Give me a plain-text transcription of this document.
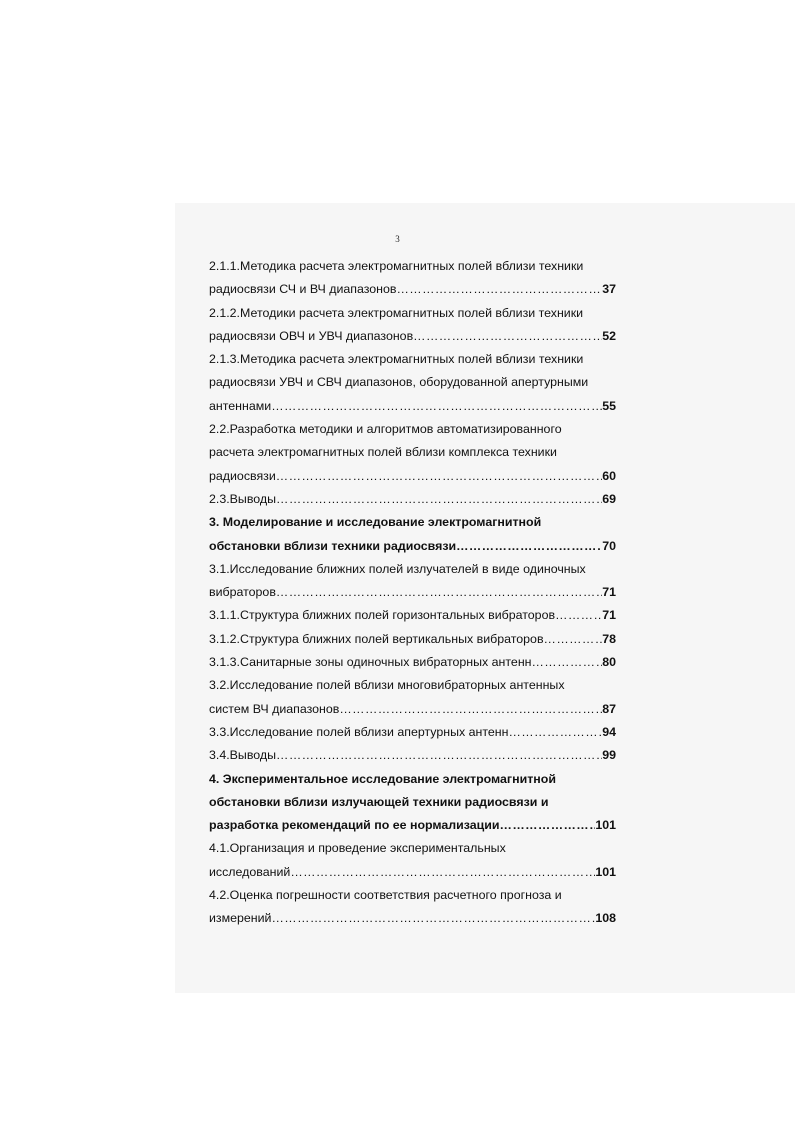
3
2.1.1.Методика расчета электромагнитных полей вблизи техники
радиосвязи СЧ и ВЧ диапазонов ……………………………………………………………………………………………………………………………………………………………	37
2.1.2.Методики расчета электромагнитных полей вблизи техники
радиосвязи ОВЧ и УВЧ диапазонов ……………………………………………………………………………………………………………………………………………………………	52
2.1.3.Методика расчета электромагнитных полей вблизи техники
радиосвязи УВЧ и СВЧ диапазонов, оборудованной апертурными
антеннами ……………………………………………………………………………………………………………………………………………………………	55
2.2.Разработка методики и алгоритмов автоматизированного
расчета электромагнитных полей вблизи комплекса техники
радиосвязи ……………………………………………………………………………………………………………………………………………………………	60
2.3.Выводы ……………………………………………………………………………………………………………………………………………………………	69
3. Моделирование и исследование электромагнитной
обстановки вблизи техники радиосвязи ……………………………………………………………………………………………………………………………………………………………	70
3.1.Исследование ближних полей излучателей в виде одиночных
вибраторов ……………………………………………………………………………………………………………………………………………………………	71
3.1.1.Структура ближних полей горизонтальных вибраторов ……………………………………………………………………………………………………………………………………………………………	71
3.1.2.Структура ближних полей вертикальных вибраторов ……………………………………………………………………………………………………………………………………………………………	78
3.1.3.Санитарные зоны одиночных вибраторных антенн ……………………………………………………………………………………………………………………………………………………………	80
3.2.Исследование полей вблизи многовибраторных антенных
систем ВЧ диапазонов ……………………………………………………………………………………………………………………………………………………………	87
3.3.Исследование полей вблизи апертурных антенн ……………………………………………………………………………………………………………………………………………………………	94
3.4.Выводы ……………………………………………………………………………………………………………………………………………………………	99
4. Экспериментальное исследование электромагнитной
обстановки вблизи излучающей техники радиосвязи и
разработка рекомендаций по ее нормализации ……………………………………………………………………………………………………………………………………………………………	101
4.1.Организация и проведение экспериментальных
исследований ……………………………………………………………………………………………………………………………………………………………	101
4.2.Оценка погрешности соответствия расчетного прогноза и
измерений ……………………………………………………………………………………………………………………………………………………………	108
